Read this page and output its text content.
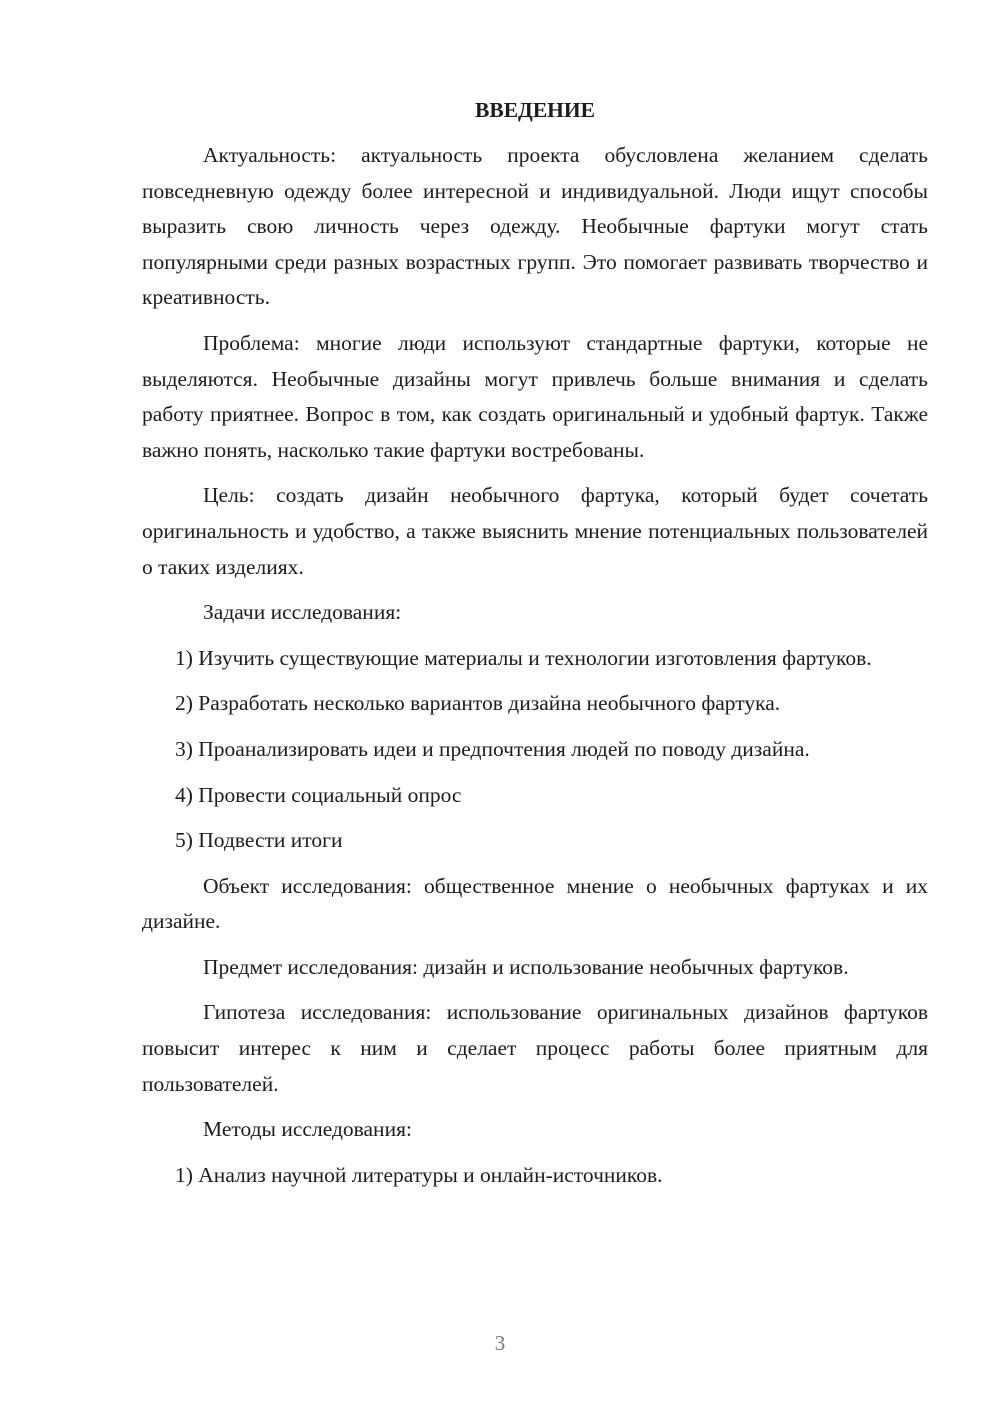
ВВЕДЕНИЕ

Актуальность: актуальность проекта обусловлена желанием сделать повседневную одежду более интересной и индивидуальной. Люди ищут способы выразить свою личность через одежду. Необычные фартуки могут стать популярными среди разных возрастных групп. Это помогает развивать творчество и креативность.

Проблема: многие люди используют стандартные фартуки, которые не выделяются. Необычные дизайны могут привлечь больше внимания и сделать работу приятнее. Вопрос в том, как создать оригинальный и удобный фартук. Также важно понять, насколько такие фартуки востребованы.

Цель: создать дизайн необычного фартука, который будет сочетать оригинальность и удобство, а также выяснить мнение потенциальных пользователей о таких изделиях.

Задачи исследования:

1) Изучить существующие материалы и технологии изготовления фартуков.

2) Разработать несколько вариантов дизайна необычного фартука.

3) Проанализировать идеи и предпочтения людей по поводу дизайна.

4) Провести социальный опрос

5) Подвести итоги

Объект исследования: общественное мнение о необычных фартуках и их дизайне.

Предмет исследования: дизайн и использование необычных фартуков.

Гипотеза исследования: использование оригинальных дизайнов фартуков повысит интерес к ним и сделает процесс работы более приятным для пользователей.

Методы исследования:

1) Анализ научной литературы и онлайн-источников.

3
